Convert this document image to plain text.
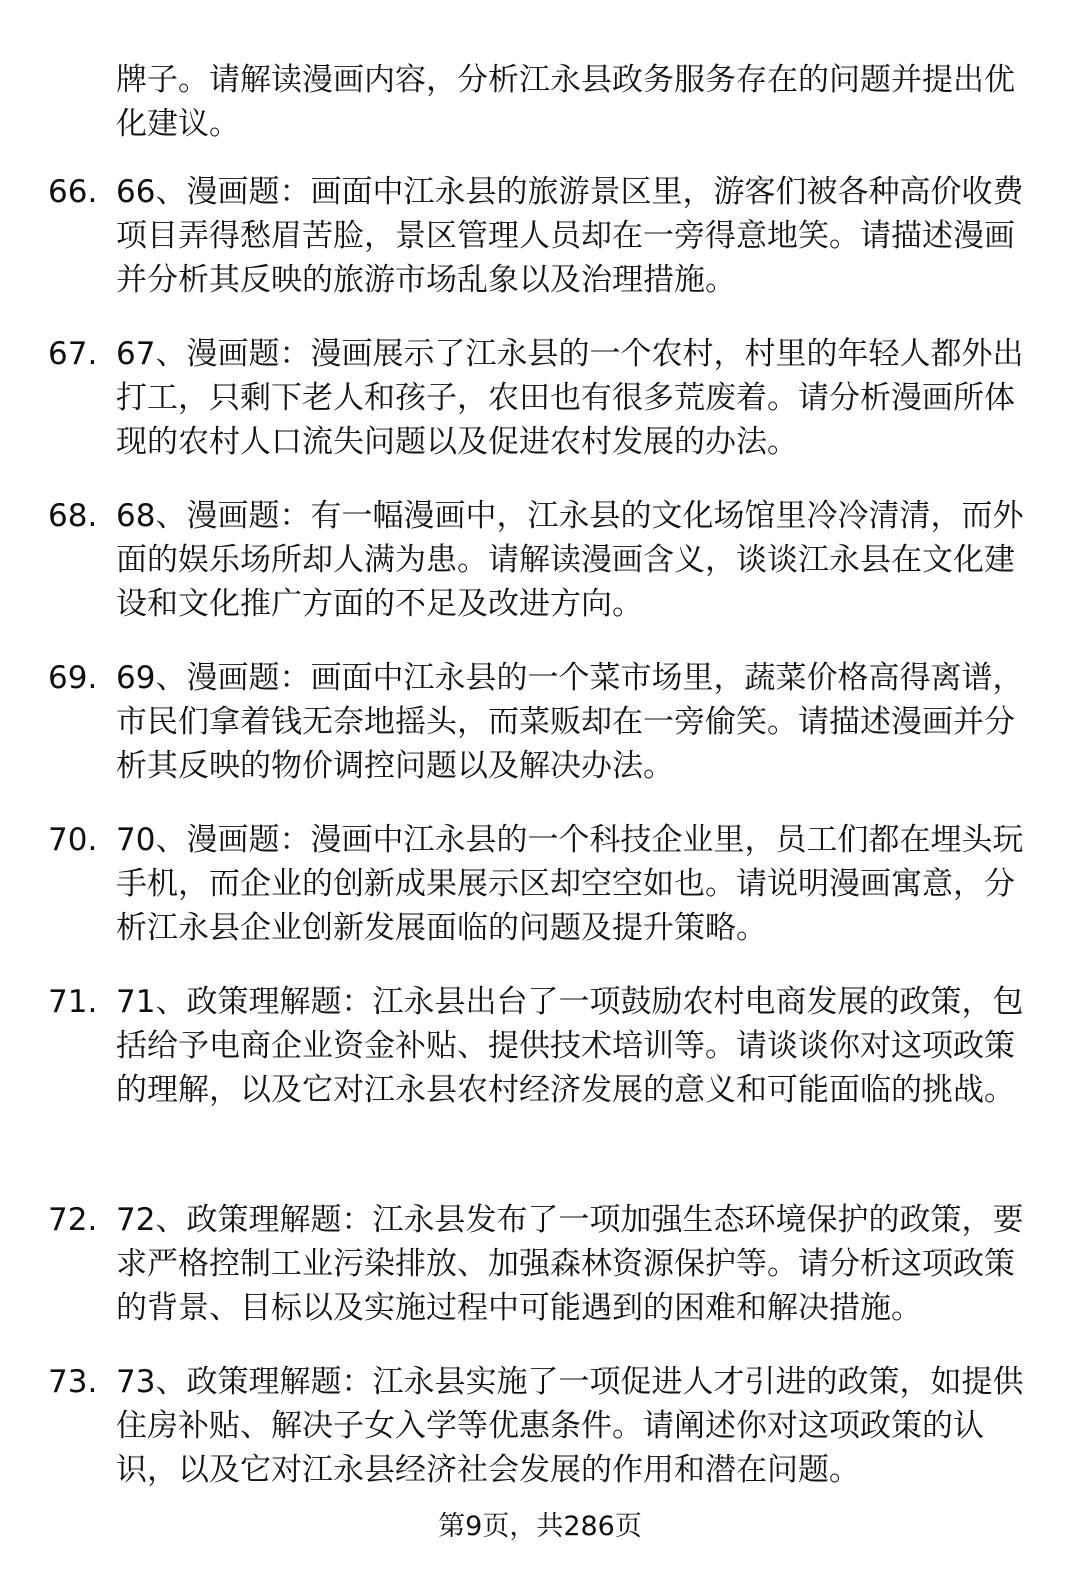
牌子。请解读漫画内容，分析江永县政务服务存在的问题并提出优化建议。

66. 66、漫画题：画面中江永县的旅游景区里，游客们被各种高价收费项目弄得愁眉苦脸，景区管理人员却在一旁得意地笑。请描述漫画并分析其反映的旅游市场乱象以及治理措施。

67. 67、漫画题：漫画展示了江永县的一个农村，村里的年轻人都外出打工，只剩下老人和孩子，农田也有很多荒废着。请分析漫画所体现的农村人口流失问题以及促进农村发展的办法。

68. 68、漫画题：有一幅漫画中，江永县的文化场馆里冷冷清清，而外面的娱乐场所却人满为患。请解读漫画含义，谈谈江永县在文化建设和文化推广方面的不足及改进方向。

69. 69、漫画题：画面中江永县的一个菜市场里，蔬菜价格高得离谱，市民们拿着钱无奈地摇头，而菜贩却在一旁偷笑。请描述漫画并分析其反映的物价调控问题以及解决办法。

70. 70、漫画题：漫画中江永县的一个科技企业里，员工们都在埋头玩手机，而企业的创新成果展示区却空空如也。请说明漫画寓意，分析江永县企业创新发展面临的问题及提升策略。

71. 71、政策理解题：江永县出台了一项鼓励农村电商发展的政策，包括给予电商企业资金补贴、提供技术培训等。请谈谈你对这项政策的理解，以及它对江永县农村经济发展的意义和可能面临的挑战。

72. 72、政策理解题：江永县发布了一项加强生态环境保护的政策，要求严格控制工业污染排放、加强森林资源保护等。请分析这项政策的背景、目标以及实施过程中可能遇到的困难和解决措施。

73. 73、政策理解题：江永县实施了一项促进人才引进的政策，如提供住房补贴、解决子女入学等优惠条件。请阐述你对这项政策的认识，以及它对江永县经济社会发展的作用和潜在问题。

第9页，共286页
